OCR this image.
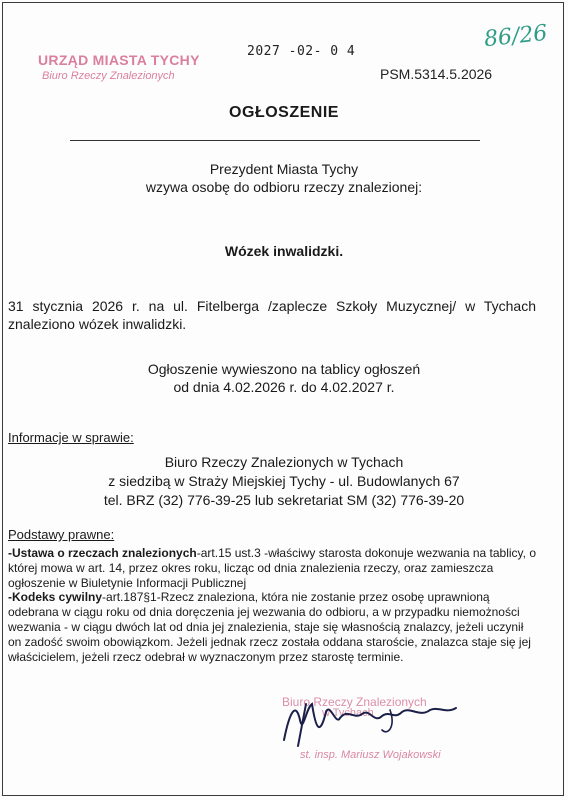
URZĄD MIASTA TYCHY
Biuro Rzeczy Znalezionych
2027 -02- 0 4
PSM.5314.5.2026
86/26
OGŁOSZENIE
Prezydent Miasta Tychy
wzywa osobę do odbioru rzeczy znalezionej:
Wózek inwalidzki.
31 stycznia 2026 r. na ul. Fitelberga /zaplecze Szkoły Muzycznej/ w Tychach znaleziono wózek inwalidzki.
Ogłoszenie wywieszono na tablicy ogłoszeń
od dnia 4.02.2026 r. do 4.02.2027 r.
Informacje w sprawie:
Biuro Rzeczy Znalezionych w Tychach
z siedzibą w Straży Miejskiej Tychy - ul. Budowlanych 67
tel. BRZ (32) 776-39-25 lub sekretariat SM (32) 776-39-20
Podstawy prawne:
-Ustawa o rzeczach znalezionych-art.15 ust.3 -właściwy starosta dokonuje wezwania na tablicy, o której mowa w art. 14, przez okres roku, licząc od dnia znalezienia rzeczy, oraz zamieszcza ogłoszenie w Biuletynie Informacji Publicznej
-Kodeks cywilny-art.187§1-Rzecz znaleziona, która nie zostanie przez osobę uprawnioną odebrana w ciągu roku od dnia doręczenia jej wezwania do odbioru, a w przypadku niemożności wezwania - w ciągu dwóch lat od dnia jej znalezienia, staje się własnością znalazcy, jeżeli uczynił on zadość swoim obowiązkom. Jeżeli jednak rzecz została oddana staroście, znalazca staje się jej właścicielem, jeżeli rzecz odebrał w wyznaczonym przez starostę terminie.
Biuro Rzeczy Znalezionych
w Tychach
st. insp. Mariusz Wojakowski
